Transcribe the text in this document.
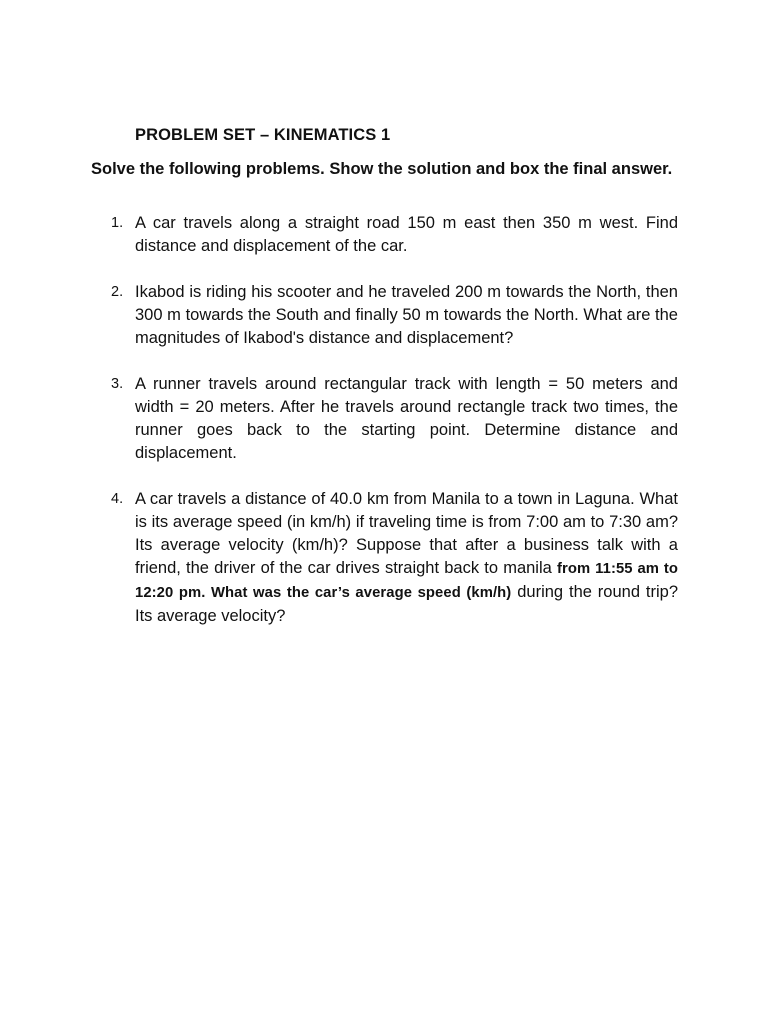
PROBLEM SET – KINEMATICS 1
Solve the following problems. Show the solution and box the final answer.
1. A car travels along a straight road 150 m east then 350 m west. Find distance and displacement of the car.
2. Ikabod is riding his scooter and he traveled 200 m towards the North, then 300 m towards the South and finally 50 m towards the North. What are the magnitudes of Ikabod's distance and displacement?
3. A runner travels around rectangular track with length = 50 meters and width = 20 meters. After he travels around rectangle track two times, the runner goes back to the starting point. Determine distance and displacement.
4. A car travels a distance of 40.0 km from Manila to a town in Laguna. What is its average speed (in km/h) if traveling time is from 7:00 am to 7:30 am? Its average velocity (km/h)? Suppose that after a business talk with a friend, the driver of the car drives straight back to manila from 11:55 am to 12:20 pm. What was the car’s average speed (km/h) during the round trip? Its average velocity?
